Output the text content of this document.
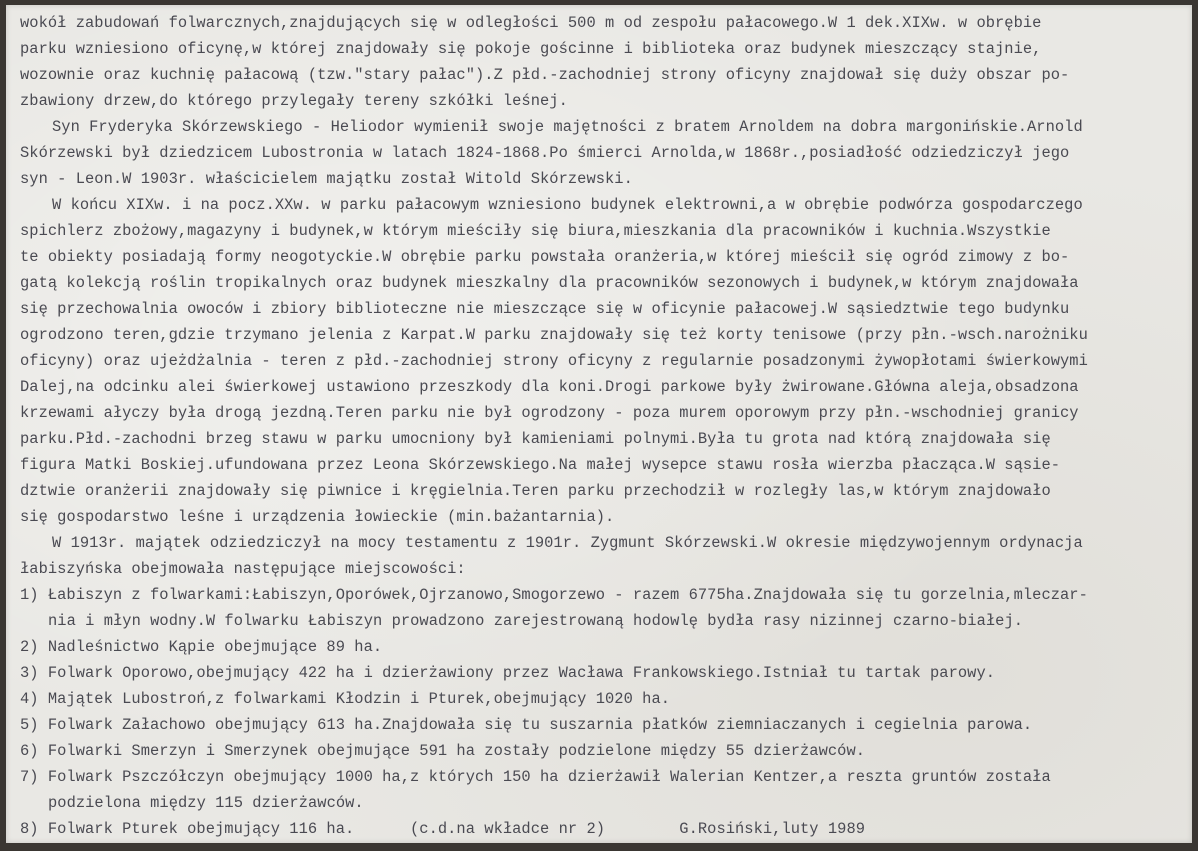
wokół zabudowań folwarcznych,znajdujących się w odległości 500 m od zespołu pałacowego.W 1 dek.XIXw. w obrębie
parku wzniesiono oficynę,w której znajdowały się pokoje gościnne i biblioteka oraz budynek mieszczący stajnie,
wozownie oraz kuchnię pałacową (tzw."stary pałac").Z płd.-zachodniej strony oficyny znajdował się duży obszar po-
zbawiony drzew,do którego przylegały tereny szkółki leśnej.
Syn Fryderyka Skórzewskiego - Heliodor wymienił swoje majętności z bratem Arnoldem na dobra margonińskie.Arnold
Skórzewski był dziedzicem Lubostronia w latach 1824-1868.Po śmierci Arnolda,w 1868r.,posiadłość odziedziczył jego
syn - Leon.W 1903r. właścicielem majątku został Witold Skórzewski.
W końcu XIXw. i na pocz.XXw. w parku pałacowym wzniesiono budynek elektrowni,a w obrębie podwórza gospodarczego
spichlerz zbożowy,magazyny i budynek,w którym mieściły się biura,mieszkania dla pracowników i kuchnia.Wszystkie
te obiekty posiadają formy neogotyckie.W obrębie parku powstała oranżeria,w której mieścił się ogród zimowy z bo-
gatą kolekcją roślin tropikalnych oraz budynek mieszkalny dla pracowników sezonowych i budynek,w którym znajdowała
się przechowalnia owoców i zbiory biblioteczne nie mieszczące się w oficynie pałacowej.W sąsiedztwie tego budynku
ogrodzono teren,gdzie trzymano jelenia z Karpat.W parku znajdowały się też korty tenisowe (przy płn.-wsch.narożniku
oficyny) oraz ujeżdżalnia - teren z płd.-zachodniej strony oficyny z regularnie posadzonymi żywopłotami świerkowymi
Dalej,na odcinku alei świerkowej ustawiono przeszkody dla koni.Drogi parkowe były żwirowane.Główna aleja,obsadzona
krzewami ałyczy była drogą jezdną.Teren parku nie był ogrodzony - poza murem oporowym przy płn.-wschodniej granicy
parku.Płd.-zachodni brzeg stawu w parku umocniony był kamieniami polnymi.Była tu grota nad którą znajdowała się
figura Matki Boskiej.ufundowana przez Leona Skórzewskiego.Na małej wysepce stawu rosła wierzba płacząca.W sąsie-
dztwie oranżerii znajdowały się piwnice i kręgielnia.Teren parku przechodził w rozległy las,w którym znajdowało
się gospodarstwo leśne i urządzenia łowieckie (min.bażantarnia).
W 1913r. majątek odziedziczył na mocy testamentu z 1901r. Zygmunt Skórzewski.W okresie międzywojennym ordynacja
łabiszyńska obejmowała następujące miejscowości:
1) Łabiszyn z folwarkami:Łabiszyn,Oporówek,Ojrzanowo,Smogorzewo - razem 6775ha.Znajdowała się tu gorzelnia,mleczar-
nia i młyn wodny.W folwarku Łabiszyn prowadzono zarejestrowaną hodowlę bydła rasy nizinnej czarno-białej.
2) Nadleśnictwo Kąpie obejmujące 89 ha.
3) Folwark Oporowo,obejmujący 422 ha i dzierżawiony przez Wacława Frankowskiego.Istniał tu tartak parowy.
4) Majątek Lubostroń,z folwarkami Kłodzin i Pturek,obejmujący 1020 ha.
5) Folwark Załachowo obejmujący 613 ha.Znajdowała się tu suszarnia płatków ziemniaczanych i cegielnia parowa.
6) Folwarki Smerzyn i Smerzynek obejmujące 591 ha zostały podzielone między 55 dzierżawców.
7) Folwark Pszczółczyn obejmujący 1000 ha,z których 150 ha dzierżawił Walerian Kentzer,a reszta gruntów została
podzielona między 115 dzierżawców.
8) Folwark Pturek obejmujący 116 ha.      (c.d.na wkładce nr 2)        G.Rosiński,luty 1989
